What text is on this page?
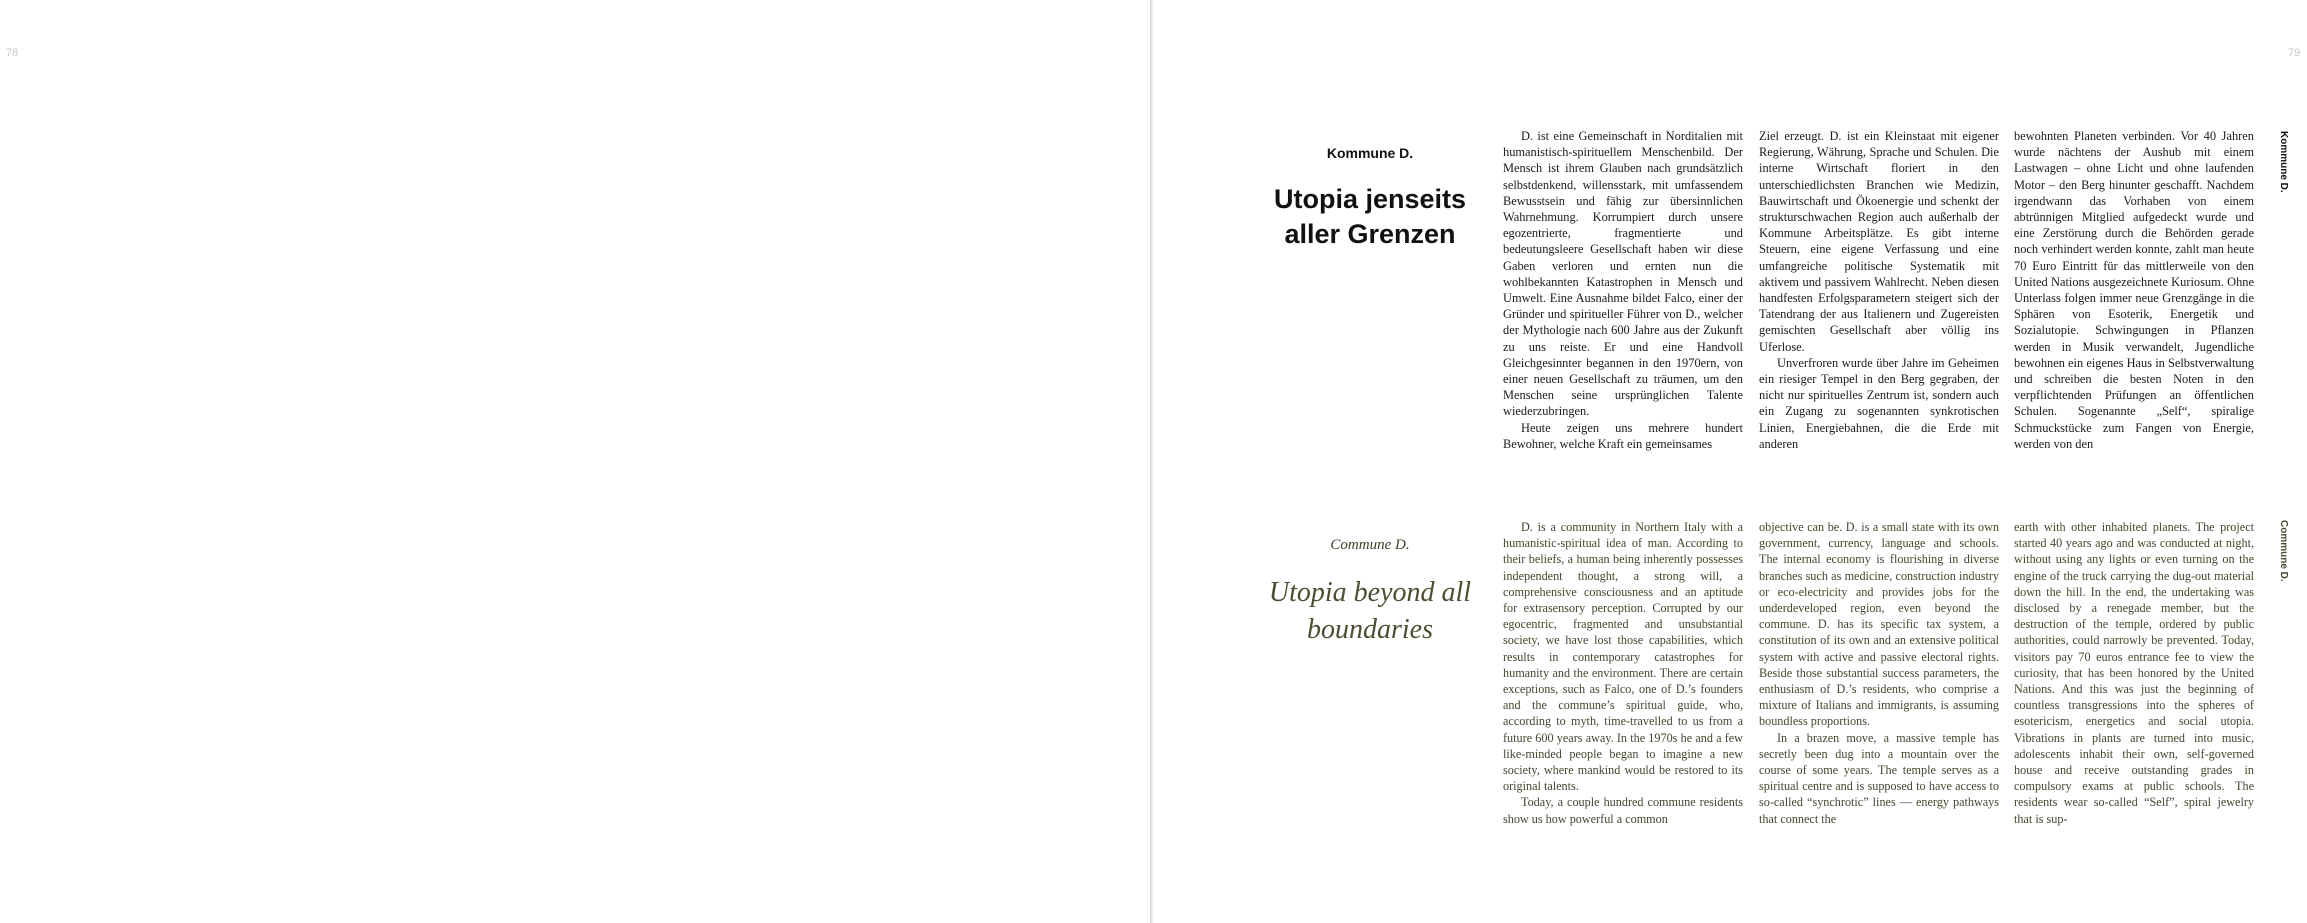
78	79
Kommune D.
Commune D.
Kommune D.
Utopia jenseits aller Grenzen

D. ist eine Gemeinschaft in Norditalien mit humanistisch-spirituellem Menschenbild. Der Mensch ist ihrem Glauben nach grundsätzlich selbstdenkend, willensstark, mit umfassendem Bewusstsein und fähig zur übersinnlichen Wahrnehmung. Korrumpiert durch unsere egozentrierte, fragmentierte und bedeutungsleere Gesellschaft haben wir diese Gaben verloren und ernten nun die wohlbekannten Katastrophen in Mensch und Umwelt. Eine Ausnahme bildet Falco, einer der Gründer und spiritueller Führer von D., welcher der Mythologie nach 600 Jahre aus der Zukunft zu uns reiste. Er und eine Handvoll Gleichgesinnter begannen in den 1970ern, von einer neuen Gesellschaft zu träumen, um den Menschen seine ursprünglichen Talente wiederzubringen.

Heute zeigen uns mehrere hundert Bewohner, welche Kraft ein gemeinsames

Ziel erzeugt. D. ist ein Kleinstaat mit eigener Regierung, Währung, Sprache und Schulen. Die interne Wirtschaft floriert in den unterschiedlichsten Branchen wie Medizin, Bauwirtschaft und Ökoenergie und schenkt der strukturschwachen Region auch außerhalb der Kommune Arbeitsplätze. Es gibt interne Steuern, eine eigene Verfassung und eine umfangreiche politische Systematik mit aktivem und passivem Wahlrecht. Neben diesen handfesten Erfolgsparametern steigert sich der Tatendrang der aus Italienern und Zugereisten gemischten Gesellschaft aber völlig ins Uferlose.

Unverfroren wurde über Jahre im Geheimen ein riesiger Tempel in den Berg gegraben, der nicht nur spirituelles Zentrum ist, sondern auch ein Zugang zu sogenannten synkrotischen Linien, Energiebahnen, die die Erde mit anderen

bewohnten Planeten verbinden. Vor 40 Jahren wurde nächtens der Aushub mit einem Lastwagen – ohne Licht und ohne laufenden Motor – den Berg hinunter geschafft. Nachdem irgendwann das Vorhaben von einem abtrünnigen Mitglied aufgedeckt wurde und eine Zerstörung durch die Behörden gerade noch verhindert werden konnte, zahlt man heute 70 Euro Eintritt für das mittlerweile von den United Nations ausgezeichnete Kuriosum. Ohne Unterlass folgen immer neue Grenzgänge in die Sphären von Esoterik, Energetik und Sozialutopie. Schwingungen in Pflanzen werden in Musik verwandelt, Jugendliche bewohnen ein eigenes Haus in Selbstverwaltung und schreiben die besten Noten in den verpflichtenden Prüfungen an öffentlichen Schulen. Sogenannte „Self“, spiralige Schmuckstücke zum Fangen von Energie, werden von den

Commune D.
Utopia beyond all boundaries

D. is a community in Northern Italy with a humanistic-spiritual idea of man. According to their beliefs, a human being inherently possesses independent thought, a strong will, a comprehensive consciousness and an aptitude for extrasensory perception. Corrupted by our egocentric, fragmented and unsubstantial society, we have lost those capabilities, which results in contemporary catastrophes for humanity and the environment. There are certain exceptions, such as Falco, one of D.’s founders and the commune’s spiritual guide, who, according to myth, time-travelled to us from a future 600 years away. In the 1970s he and a few like-minded people began to imagine a new society, where mankind would be restored to its original talents.

Today, a couple hundred commune residents show us how powerful a common

objective can be. D. is a small state with its own government, currency, language and schools. The internal economy is flourishing in diverse branches such as medicine, construction industry or eco-electricity and provides jobs for the underdeveloped region, even beyond the commune. D. has its specific tax system, a constitution of its own and an extensive political system with active and passive electoral rights. Beside those substantial success parameters, the enthusiasm of D.’s residents, who comprise a mixture of Italians and immigrants, is assuming boundless proportions.

In a brazen move, a massive temple has secretly been dug into a mountain over the course of some years. The temple serves as a spiritual centre and is supposed to have access to so-called “synchrotic” lines — energy pathways that connect the

earth with other inhabited planets. The project started 40 years ago and was conducted at night, without using any lights or even turning on the engine of the truck carrying the dug-out material down the hill. In the end, the undertaking was disclosed by a renegade member, but the destruction of the temple, ordered by public authorities, could narrowly be prevented. Today, visitors pay 70 euros entrance fee to view the curiosity, that has been honored by the United Nations. And this was just the beginning of countless transgressions into the spheres of esotericism, energetics and social utopia. Vibrations in plants are turned into music, adolescents inhabit their own, self-governed house and receive outstanding grades in compulsory exams at public schools. The residents wear so-called “Self”, spiral jewelry that is sup-
